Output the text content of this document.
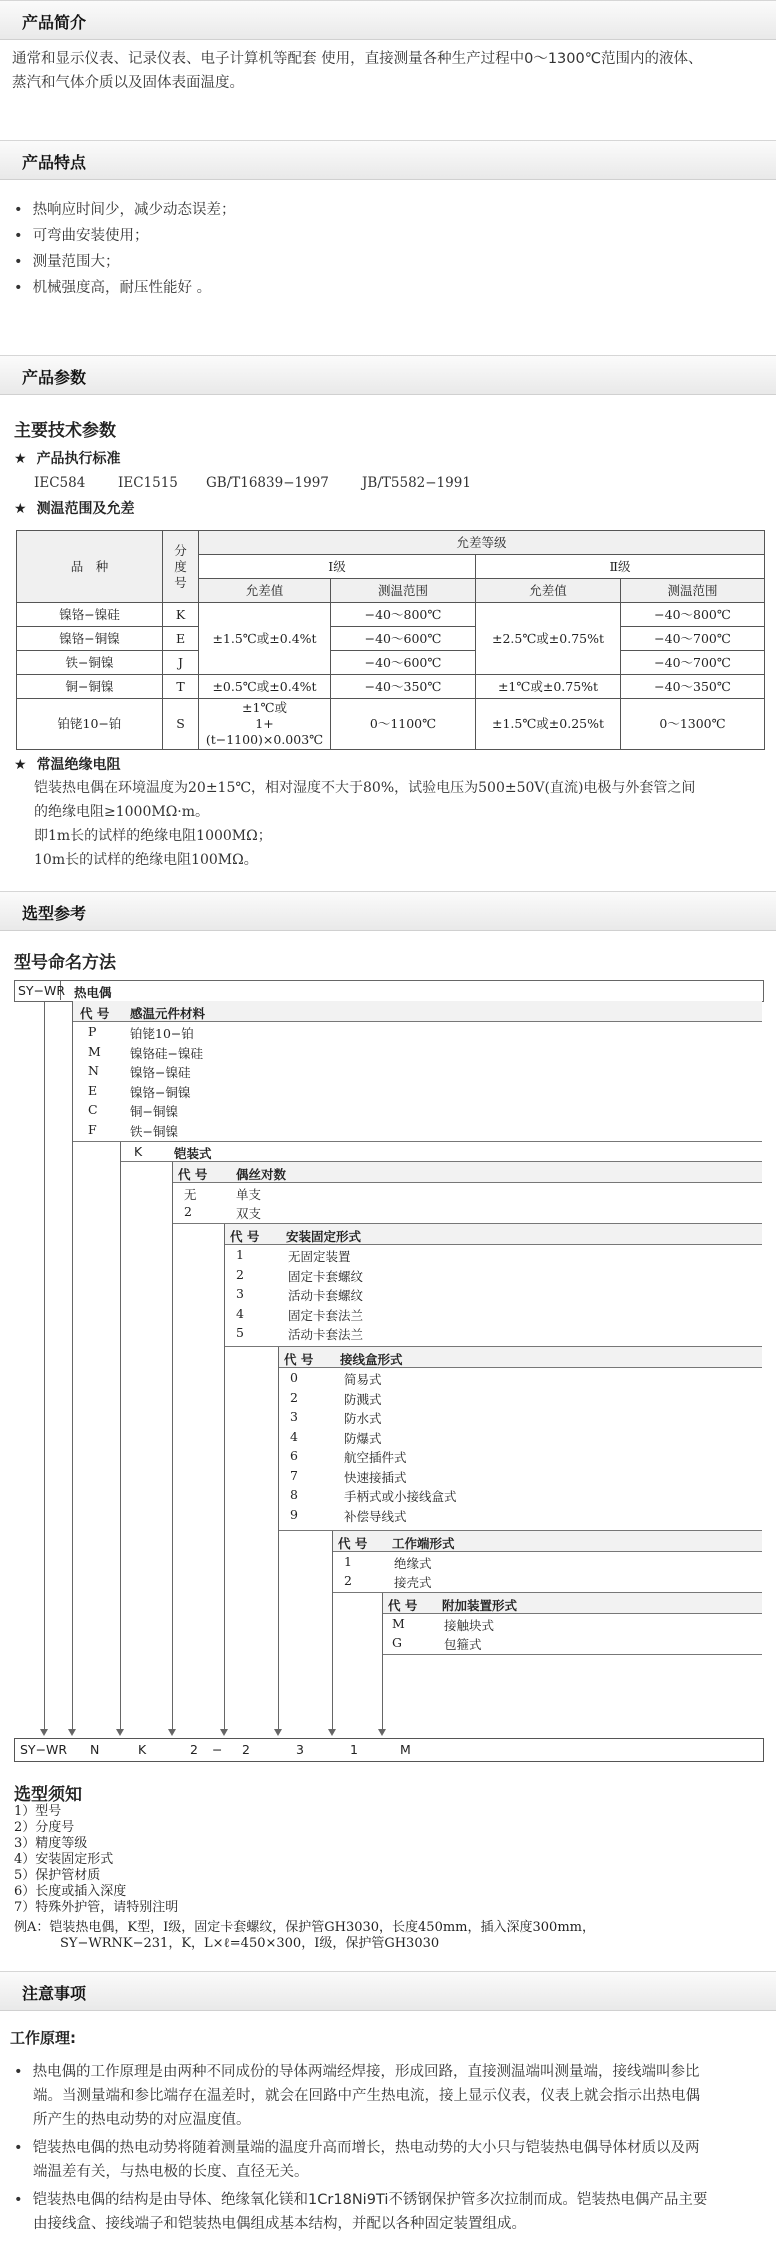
产品简介
通常和显示仪表、记录仪表、电子计算机等配套 使用，直接测量各种生产过程中0～1300℃范围内的液体、
蒸汽和气体介质以及固体表面温度。
产品特点
• 热响应时间少，减少动态误差；
• 可弯曲安装使用；
• 测量范围大；
• 机械强度高，耐压性能好 。
产品参数
主要技术参数
★ 产品执行标准
IEC584 IEC1515 GB/T16839−1997 JB/T5582−1991
★ 测温范围及允差
品　种	分
度
号	允差等级			
		Ⅰ级		Ⅱ级	
		允差值	测温范围	允差值	测温范围
镍铬−镍硅	K	±1.5℃或±0.4%t	−40～800℃	±2.5℃或±0.75%t	−40～800℃
镍铬−铜镍	E		−40～600℃		−40～700℃
铁−铜镍	J		−40～600℃		−40～700℃
铜−铜镍	T	±0.5℃或±0.4%t	−40～350℃	±1℃或±0.75%t	−40～350℃
铂铑10−铂	S	±1℃或
1+(t−1100)×0.003℃	0～1100℃	±1.5℃或±0.25%t	0～1300℃
★ 常温绝缘电阻
铠装热电偶在环境温度为20±15℃，相对湿度不大于80%，试验电压为500±50V(直流)电极与外套管之间
的绝缘电阻≥1000MΩ·m。
即1m长的试样的绝缘电阻1000MΩ；
10m长的试样的绝缘电阻100MΩ。
选型参考
型号命名方法
SY−WR 热电偶
代 号 感温元件材料
P	铂铑10−铂
M 镍铬硅−镍硅
N 镍铬−镍硅
E	镍铬−铜镍
C	铜−铜镍
F	铁−铜镍
K	铠装式
代 号 偶丝对数
无	单支
2	双支
代 号 安装固定形式
1	无固定装置
2	固定卡套螺纹
3	活动卡套螺纹
4	固定卡套法兰
5	活动卡套法兰
代 号 接线盒形式
0	简易式
2	防溅式
3	防水式
4	防爆式
6	航空插件式
7	快速接插式
8	手柄式或小接线盒式
9	补偿导线式
代 号 工作端形式
1	绝缘式
2	接壳式
代 号 附加装置形式
M	接触块式
G	包箍式
SY−WR N	K	2 − 2	3	1	M
选型须知
1）型号
2）分度号
3）精度等级
4）安装固定形式
5）保护管材质
6）长度或插入深度
7）特殊外护管，请特别注明
例A：铠装热电偶，K型，Ⅰ级，固定卡套螺纹，保护管GH3030，长度450mm，插入深度300mm，
SY−WRNK−231，K，L×ℓ=450×300，Ⅰ级，保护管GH3030
注意事项
工作原理:
• 热电偶的工作原理是由两种不同成份的导体两端经焊接，形成回路，直接测温端叫测量端，接线端叫参比
端。当测量端和参比端存在温差时，就会在回路中产生热电流，接上显示仪表，仪表上就会指示出热电偶
所产生的热电动势的对应温度值。
• 铠装热电偶的热电动势将随着测量端的温度升高而增长，热电动势的大小只与铠装热电偶导体材质以及两
端温差有关，与热电极的长度、直径无关。
• 铠装热电偶的结构是由导体、绝缘氧化镁和1Cr18Ni9Ti不锈钢保护管多次拉制而成。铠装热电偶产品主要
由接线盒、接线端子和铠装热电偶组成基本结构，并配以各种固定装置组成。
